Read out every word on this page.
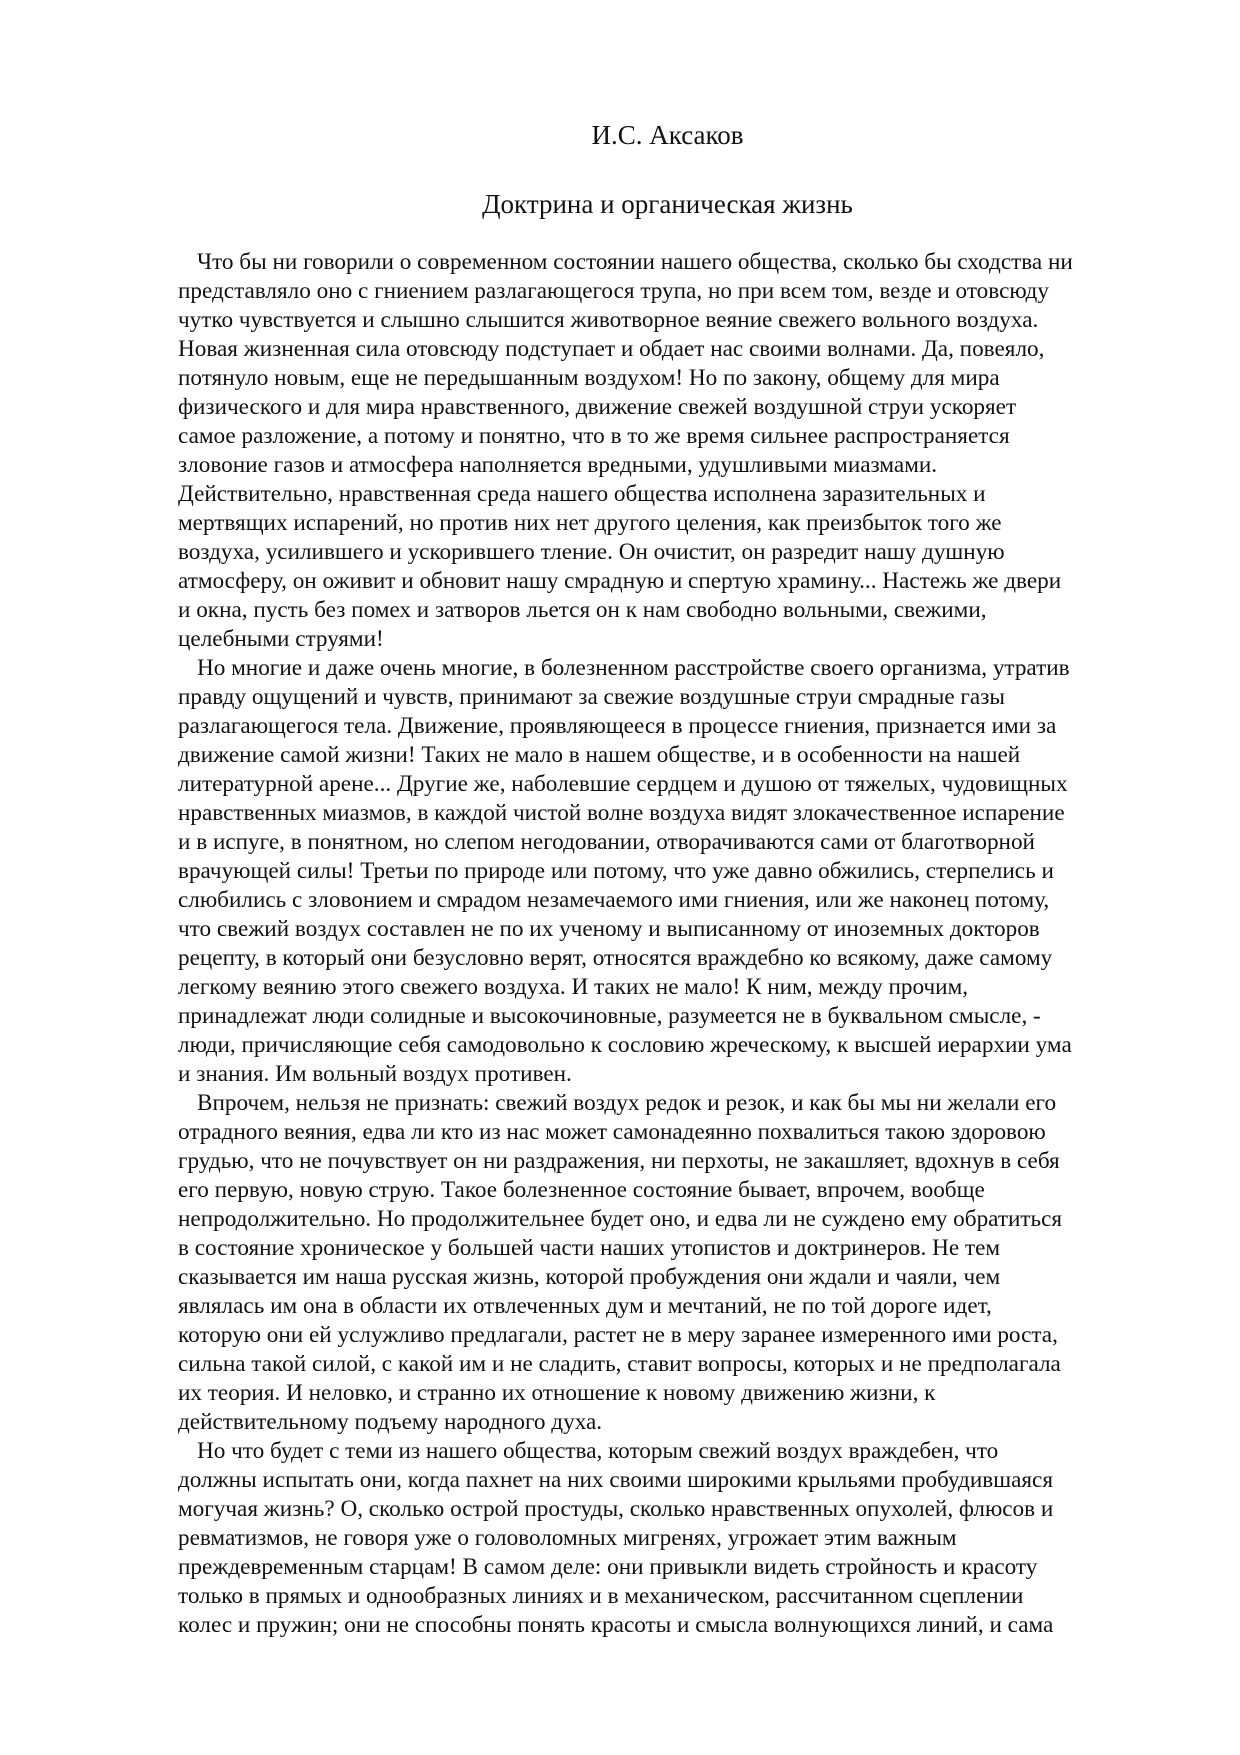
И.С. Аксаков
Доктрина и органическая жизнь
Что бы ни говорили о современном состоянии нашего общества, сколько бы сходства ни
представляло оно с гниением разлагающегося трупа, но при всем том, везде и отовсюду
чутко чувствуется и слышно слышится животворное веяние свежего вольного воздуха.
Новая жизненная сила отовсюду подступает и обдает нас своими волнами. Да, повеяло,
потянуло новым, еще не передышанным воздухом! Но по закону, общему для мира
физического и для мира нравственного, движение свежей воздушной струи ускоряет
самое разложение, а потому и понятно, что в то же время сильнее распространяется
зловоние газов и атмосфера наполняется вредными, удушливыми миазмами.
Действительно, нравственная среда нашего общества исполнена заразительных и
мертвящих испарений, но против них нет другого целения, как преизбыток того же
воздуха, усилившего и ускорившего тление. Он очистит, он разредит нашу душную
атмосферу, он оживит и обновит нашу смрадную и спертую храмину... Настежь же двери
и окна, пусть без помех и затворов льется он к нам свободно вольными, свежими,
целебными струями!
Но многие и даже очень многие, в болезненном расстройстве своего организма, утратив
правду ощущений и чувств, принимают за свежие воздушные струи смрадные газы
разлагающегося тела. Движение, проявляющееся в процессе гниения, признается ими за
движение самой жизни! Таких не мало в нашем обществе, и в особенности на нашей
литературной арене... Другие же, наболевшие сердцем и душою от тяжелых, чудовищных
нравственных миазмов, в каждой чистой волне воздуха видят злокачественное испарение
и в испуге, в понятном, но слепом негодовании, отворачиваются сами от благотворной
врачующей силы! Третьи по природе или потому, что уже давно обжились, стерпелись и
слюбились с зловонием и смрадом незамечаемого ими гниения, или же наконец потому,
что свежий воздух составлен не по их ученому и выписанному от иноземных докторов
рецепту, в который они безусловно верят, относятся враждебно ко всякому, даже самому
легкому веянию этого свежего воздуха. И таких не мало! К ним, между прочим,
принадлежат люди солидные и высокочиновные, разумеется не в буквальном смысле, -
люди, причисляющие себя самодовольно к сословию жреческому, к высшей иерархии ума
и знания. Им вольный воздух противен.
Впрочем, нельзя не признать: свежий воздух редок и резок, и как бы мы ни желали его
отрадного веяния, едва ли кто из нас может самонадеянно похвалиться такою здоровою
грудью, что не почувствует он ни раздражения, ни перхоты, не закашляет, вдохнув в себя
его первую, новую струю. Такое болезненное состояние бывает, впрочем, вообще
непродолжительно. Но продолжительнее будет оно, и едва ли не суждено ему обратиться
в состояние хроническое у большей части наших утопистов и доктринеров. Не тем
сказывается им наша русская жизнь, которой пробуждения они ждали и чаяли, чем
являлась им она в области их отвлеченных дум и мечтаний, не по той дороге идет,
которую они ей услужливо предлагали, растет не в меру заранее измеренного ими роста,
сильна такой силой, с какой им и не сладить, ставит вопросы, которых и не предполагала
их теория. И неловко, и странно их отношение к новому движению жизни, к
действительному подъему народного духа.
Но что будет с теми из нашего общества, которым свежий воздух враждебен, что
должны испытать они, когда пахнет на них своими широкими крыльями пробудившаяся
могучая жизнь? О, сколько острой простуды, сколько нравственных опухолей, флюсов и
ревматизмов, не говоря уже о головоломных мигренях, угрожает этим важным
преждевременным старцам! В самом деле: они привыкли видеть стройность и красоту
только в прямых и однообразных линиях и в механическом, рассчитанном сцеплении
колес и пружин; они не способны понять красоты и смысла волнующихся линий, и сама
